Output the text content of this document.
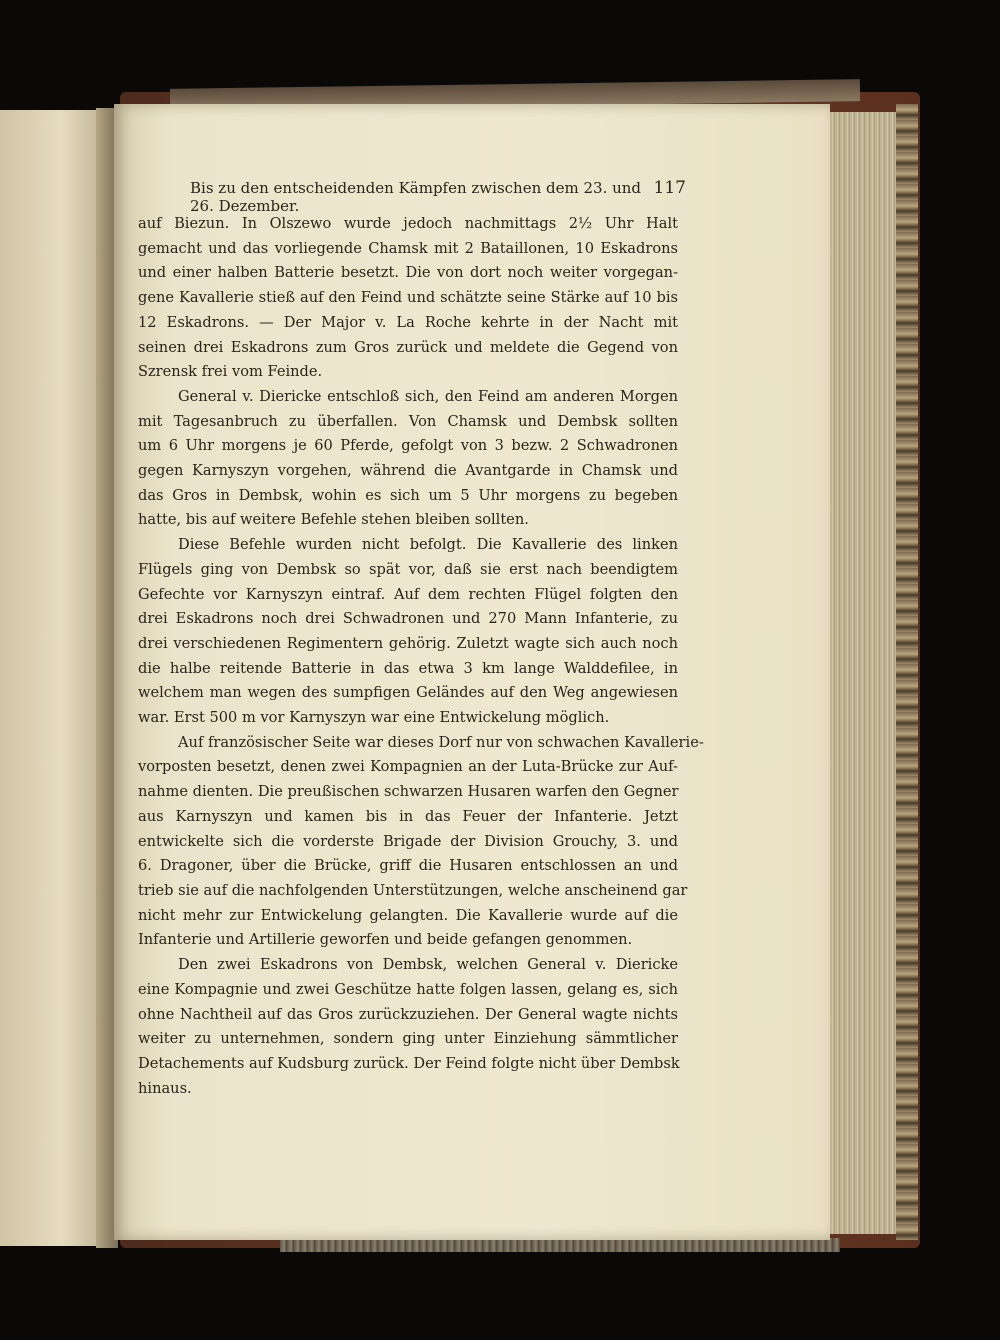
Bis zu den entscheidenden Kämpfen zwischen dem 23. und 26. Dezember.
117
auf Biezun. In Olszewo wurde jedoch nachmittags 2½ Uhr Halt
gemacht und das vorliegende Chamsk mit 2 Bataillonen, 10 Eskadrons
und einer halben Batterie besetzt. Die von dort noch weiter vorgegan-
gene Kavallerie stieß auf den Feind und schätzte seine Stärke auf 10 bis
12 Eskadrons. — Der Major v. La Roche kehrte in der Nacht mit
seinen drei Eskadrons zum Gros zurück und meldete die Gegend von
Szrensk frei vom Feinde.
General v. Diericke entschloß sich, den Feind am anderen Morgen
mit Tagesanbruch zu überfallen. Von Chamsk und Dembsk sollten
um 6 Uhr morgens je 60 Pferde, gefolgt von 3 bezw. 2 Schwadronen
gegen Karnyszyn vorgehen, während die Avantgarde in Chamsk und
das Gros in Dembsk, wohin es sich um 5 Uhr morgens zu begeben
hatte, bis auf weitere Befehle stehen bleiben sollten.
Diese Befehle wurden nicht befolgt. Die Kavallerie des linken
Flügels ging von Dembsk so spät vor, daß sie erst nach beendigtem
Gefechte vor Karnyszyn eintraf. Auf dem rechten Flügel folgten den
drei Eskadrons noch drei Schwadronen und 270 Mann Infanterie, zu
drei verschiedenen Regimentern gehörig. Zuletzt wagte sich auch noch
die halbe reitende Batterie in das etwa 3 km lange Walddefilee, in
welchem man wegen des sumpfigen Geländes auf den Weg angewiesen
war. Erst 500 m vor Karnyszyn war eine Entwickelung möglich.
Auf französischer Seite war dieses Dorf nur von schwachen Kavallerie-
vorposten besetzt, denen zwei Kompagnien an der Luta-Brücke zur Auf-
nahme dienten. Die preußischen schwarzen Husaren warfen den Gegner
aus Karnyszyn und kamen bis in das Feuer der Infanterie. Jetzt
entwickelte sich die vorderste Brigade der Division Grouchy, 3. und
6. Dragoner, über die Brücke, griff die Husaren entschlossen an und
trieb sie auf die nachfolgenden Unterstützungen, welche anscheinend gar
nicht mehr zur Entwickelung gelangten. Die Kavallerie wurde auf die
Infanterie und Artillerie geworfen und beide gefangen genommen.
Den zwei Eskadrons von Dembsk, welchen General v. Diericke
eine Kompagnie und zwei Geschütze hatte folgen lassen, gelang es, sich
ohne Nachtheil auf das Gros zurückzuziehen. Der General wagte nichts
weiter zu unternehmen, sondern ging unter Einziehung sämmtlicher
Detachements auf Kudsburg zurück. Der Feind folgte nicht über Dembsk
hinaus.
